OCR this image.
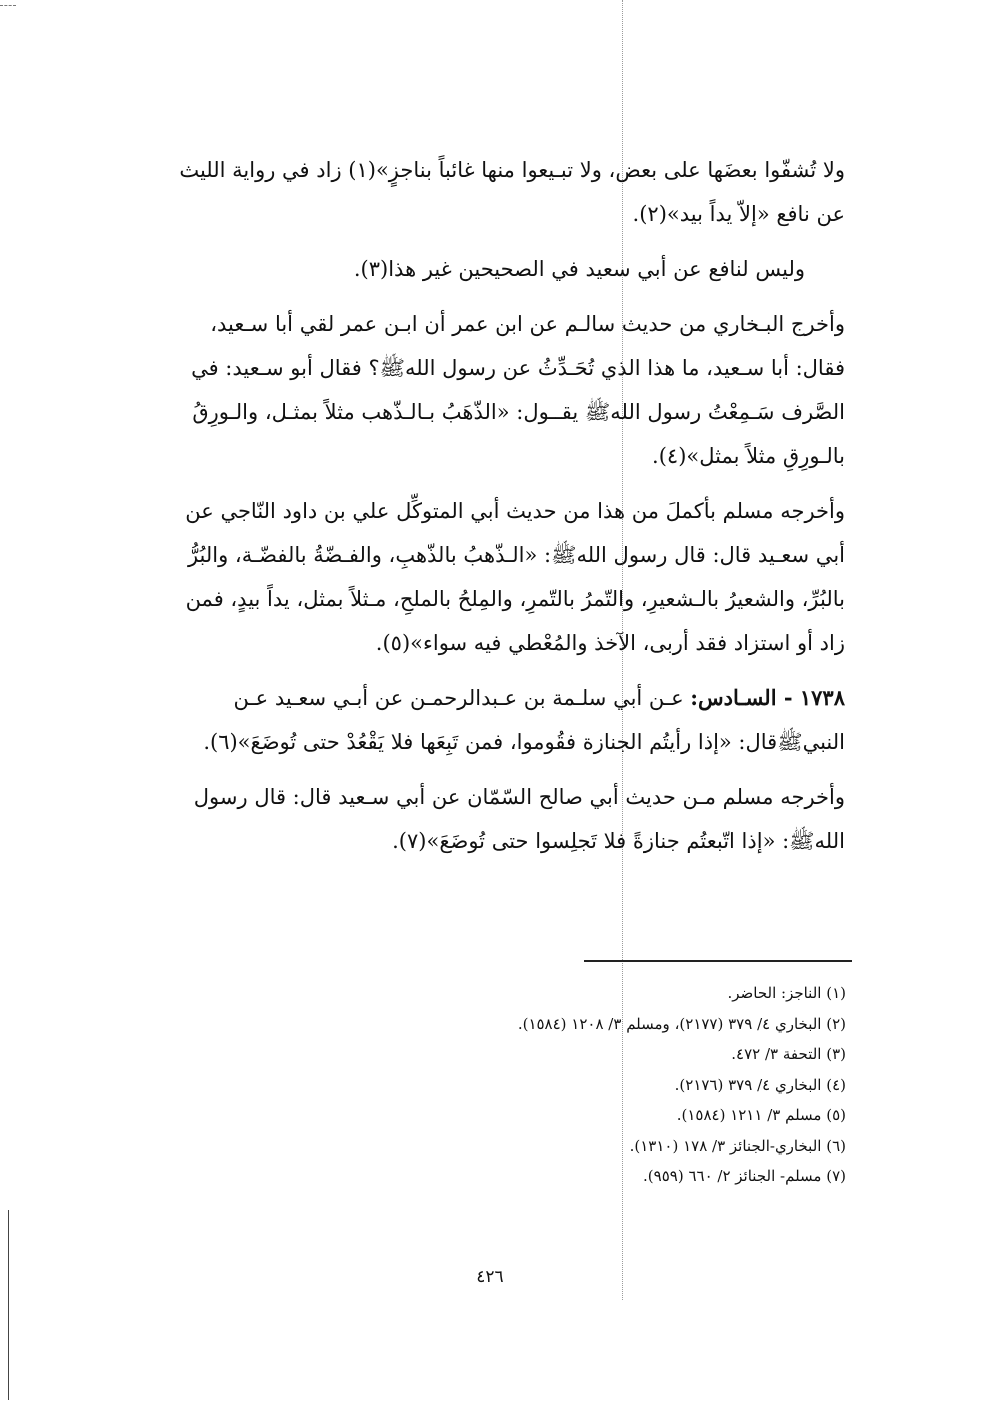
ولا تُشفّوا بعضَها على بعض، ولا تبـيعوا منها غائباً بناجزٍ»(١) زاد في رواية الليث
عن نافع «إلاّ يداً بيد»(٢).

وليس لنافع عن أبي سعيد في الصحيحين غير هذا(٣).

وأخرج البـخاري من حديث سالـم عن ابن عمر أن ابـن عمر لقي أبا سـعيد،
فقال: أبا سـعيد، ما هذا الذي تُحَـدِّثُ عن رسول اللهﷺ؟ فقال أبو سـعيد: في
الصَّرف سَـمِعْتُ رسول اللهﷺ يقــول: «الذّهَبُ بـالـذّهب مثلاً بمثـل، والـورِقُ
بالـورِقِ مثلاً بمثل»(٤).

وأخرجه مسلم بأكملَ من هذا من حديث أبي المتوكِّل علي بن داود النّاجي عن
أبي سعـيد قال: قال رسول اللهﷺ: «الـذّهبُ بالذّهبِ، والفـضّةُ بالفضّـة، والبُرُّ
بالبُرِّ، والشعيرُ بالـشعيرِ، والتّمرُ بالتّمرِ، والمِلحُ بالملحِ، مـثلاً بمثل، يداً بيدٍ، فمن
زاد أو استزاد فقد أربى، الآخذ والمُعْطي فيه سواء»(٥).

١٧٣٨ - السـادس: عـن أبي سلـمة بن عـبدالرحمـن عن أبـي سعـيد عـن
النبيﷺقال: «إذا رأيتُم الجنازة فقُوموا، فمن تَبِعَها فلا يَقْعُدْ حتى تُوضَعَ»(٦).

وأخرجه مسلم مـن حديث أبي صالح السّمّان عن أبي سـعيد قال: قال رسول
اللهﷺ: «إذا اتّبعتُم جنازةً فلا تَجلِسوا حتى تُوضَعَ»(٧).

(١) الناجز: الحاضر.

(٢) البخاري ٤/ ٣٧٩ (٢١٧٧)، ومسلم ٣/ ١٢٠٨ (١٥٨٤).

(٣) التحفة ٣/ ٤٧٢.

(٤) البخاري ٤/ ٣٧٩ (٢١٧٦).

(٥) مسلم ٣/ ١٢١١ (١٥٨٤).

(٦) البخاري-الجنائز ٣/ ١٧٨ (١٣١٠).

(٧) مسلم- الجنائز ٢/ ٦٦٠ (٩٥٩).

٤٢٦
